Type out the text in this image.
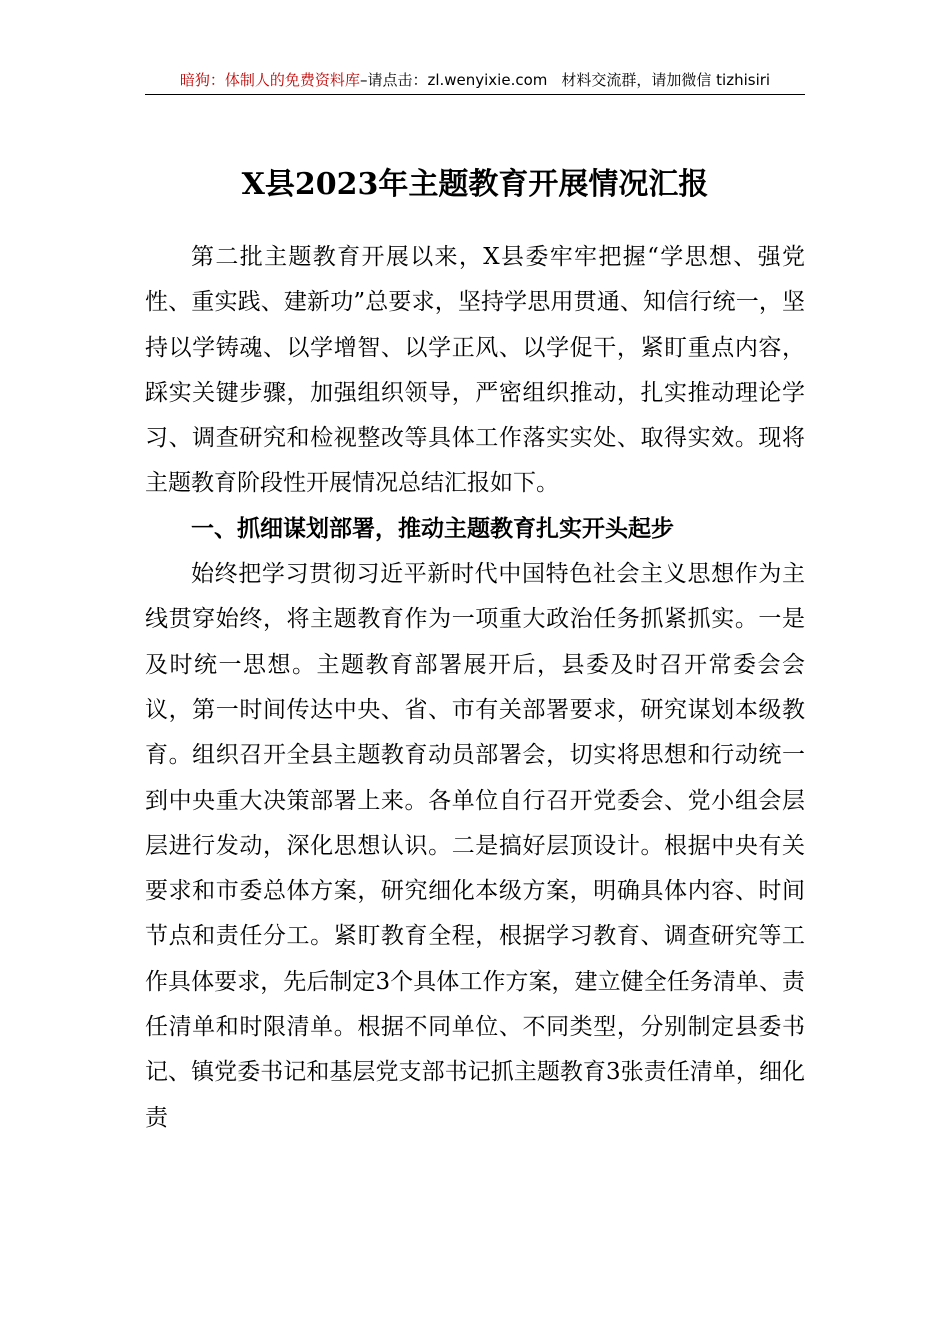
暗狗：体制人的免费资料库–请点击：zl.wenyixie.com 材料交流群，请加微信 tizhisiri
X县2023年主题教育开展情况汇报

第二批主题教育开展以来，X县委牢牢把握“学思想、强党性、重实践、建新功”总要求，坚持学思用贯通、知信行统一，坚持以学铸魂、以学增智、以学正风、以学促干，紧盯重点内容，踩实关键步骤，加强组织领导，严密组织推动，扎实推动理论学习、调查研究和检视整改等具体工作落实实处、取得实效。现将主题教育阶段性开展情况总结汇报如下。

一、抓细谋划部署，推动主题教育扎实开头起步

始终把学习贯彻习近平新时代中国特色社会主义思想作为主线贯穿始终，将主题教育作为一项重大政治任务抓紧抓实。一是及时统一思想。主题教育部署展开后，县委及时召开常委会会议，第一时间传达中央、省、市有关部署要求，研究谋划本级教育。组织召开全县主题教育动员部署会，切实将思想和行动统一到中央重大决策部署上来。各单位自行召开党委会、党小组会层层进行发动，深化思想认识。二是搞好层顶设计。根据中央有关要求和市委总体方案，研究细化本级方案，明确具体内容、时间节点和责任分工。紧盯教育全程，根据学习教育、调查研究等工作具体要求，先后制定3个具体工作方案，建立健全任务清单、责任清单和时限清单。根据不同单位、不同类型，分别制定县委书记、镇党委书记和基层党支部书记抓主题教育3张责任清单，细化责
